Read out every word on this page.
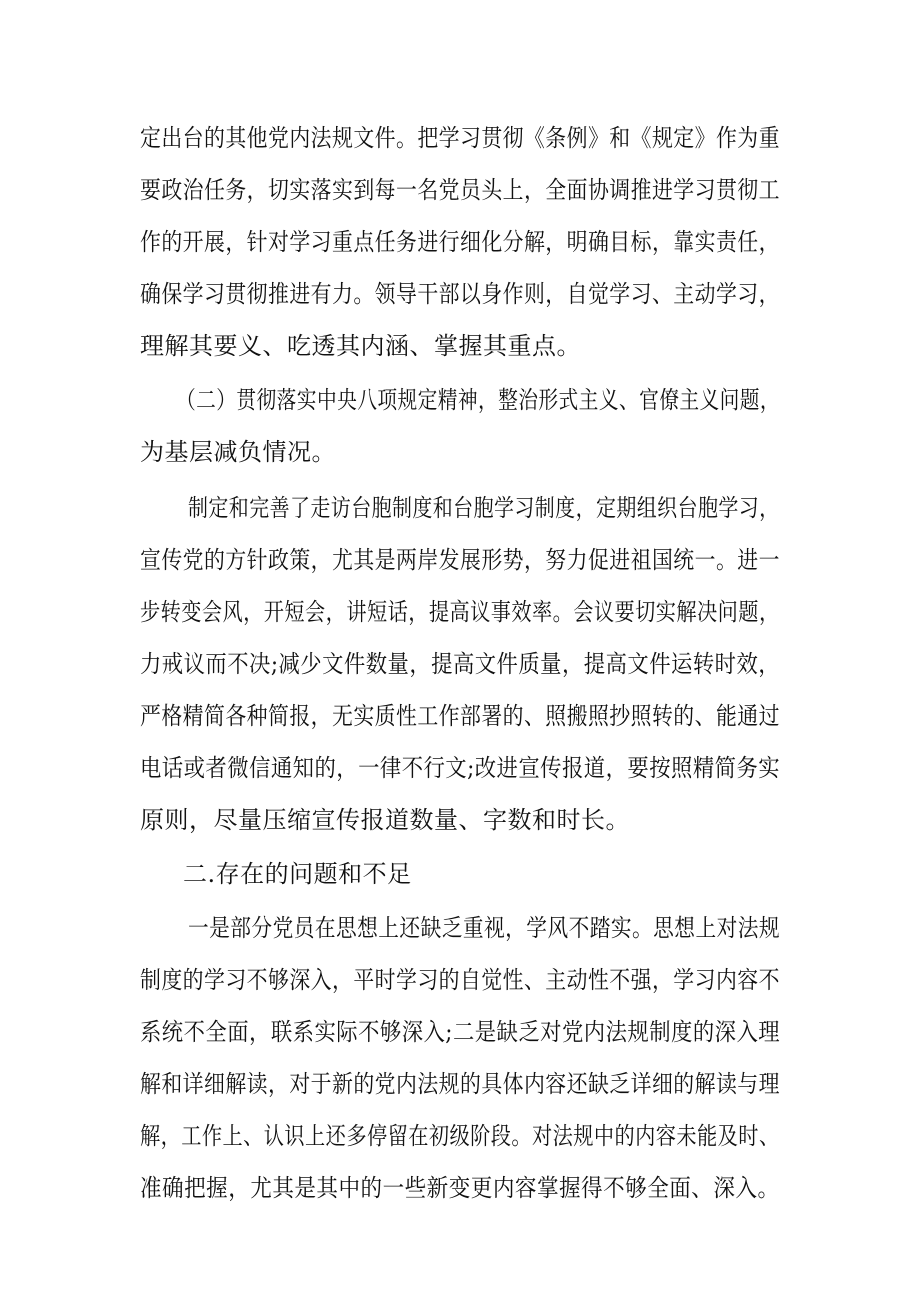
定出台的其他党内法规文件。把学习贯彻《条例》和《规定》作为重
要政治任务，切实落实到每一名党员头上，全面协调推进学习贯彻工
作的开展，针对学习重点任务进行细化分解，明确目标，靠实责任，
确保学习贯彻推进有力。领导干部以身作则，自觉学习、主动学习，
理解其要义、吃透其内涵、掌握其重点。
（二）贯彻落实中央八项规定精神，整治形式主义、官僚主义问题，
为基层减负情况。
制定和完善了走访台胞制度和台胞学习制度，定期组织台胞学习，
宣传党的方针政策，尤其是两岸发展形势，努力促进祖国统一。进一
步转变会风，开短会，讲短话，提高议事效率。会议要切实解决问题，
力戒议而不决;减少文件数量，提高文件质量，提高文件运转时效，
严格精简各种简报，无实质性工作部署的、照搬照抄照转的、能通过
电话或者微信通知的，一律不行文;改进宣传报道，要按照精简务实
原则，尽量压缩宣传报道数量、字数和时长。
二.存在的问题和不足
一是部分党员在思想上还缺乏重视，学风不踏实。思想上对法规
制度的学习不够深入，平时学习的自觉性、主动性不强，学习内容不
系统不全面，联系实际不够深入;二是缺乏对党内法规制度的深入理
解和详细解读，对于新的党内法规的具体内容还缺乏详细的解读与理
解，工作上、认识上还多停留在初级阶段。对法规中的内容未能及时、
准确把握，尤其是其中的一些新变更内容掌握得不够全面、深入。
